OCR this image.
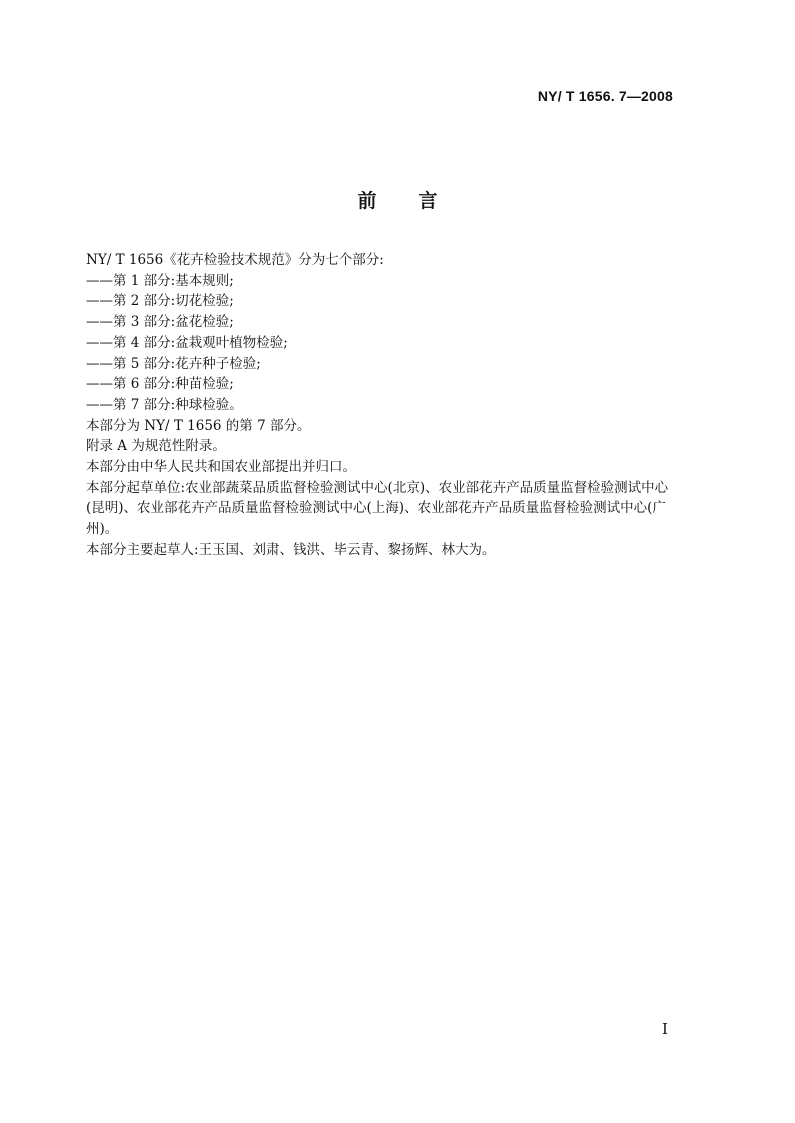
NY/ T 1656. 7—2008
前言

NY/ T 1656《花卉检验技术规范》分为七个部分:

——第 1 部分:基本规则;

——第 2 部分:切花检验;

——第 3 部分:盆花检验;

——第 4 部分:盆栽观叶植物检验;

——第 5 部分:花卉种子检验;

——第 6 部分:种苗检验;

——第 7 部分:种球检验。

本部分为 NY/ T 1656 的第 7 部分。

附录 A 为规范性附录。

本部分由中华人民共和国农业部提出并归口。

本部分起草单位:农业部蔬菜品质监督检验测试中心(北京)、农业部花卉产品质量监督检验测试中心(昆明)、农业部花卉产品质量监督检验测试中心(上海)、农业部花卉产品质量监督检验测试中心(广州)。

本部分主要起草人:王玉国、刘肃、钱洪、毕云青、黎扬辉、林大为。

I
